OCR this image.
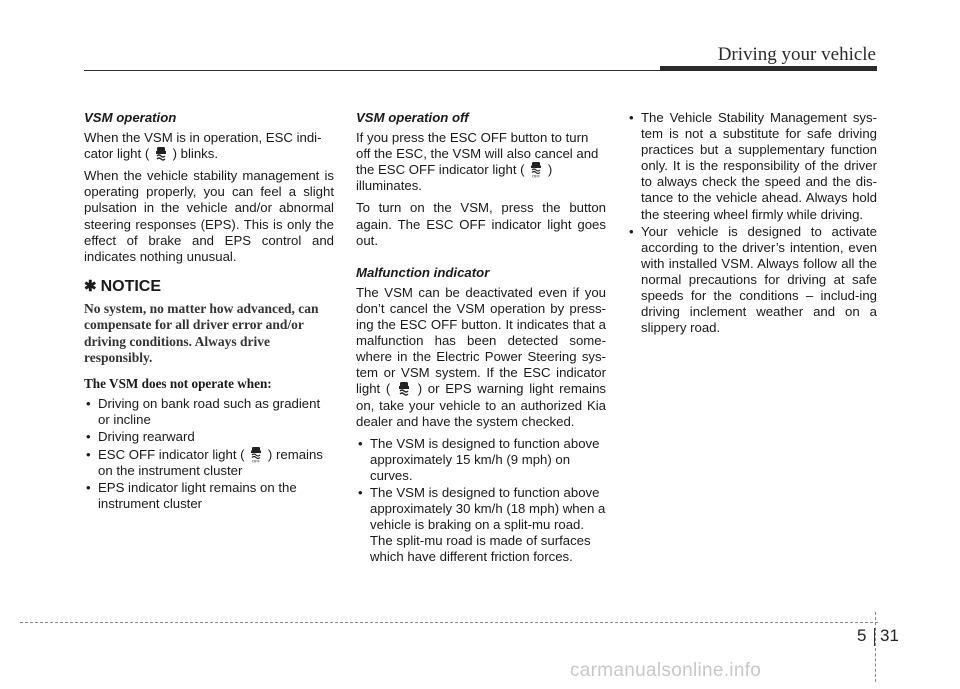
Driving your vehicle
VSM operation

When the VSM is in operation, ESC indi-cator light ( ) blinks.

When the vehicle stability management is operating properly, you can feel a slight pulsation in the vehicle and/or abnormal steering responses (EPS). This is only the effect of brake and EPS control and indicates nothing unusual.

✱ NOTICE

No system, no matter how advanced, can compensate for all driver error and/or driving conditions. Always drive responsibly.

The VSM does not operate when:
• Driving on bank road such as gradient or incline
• Driving rearward
• ESC OFF indicator light ( OFF ) remains on the instrument cluster
• EPS indicator light remains on the instrument cluster
VSM operation off

If you press the ESC OFF button to turn off the ESC, the VSM will also cancel and the ESC OFF indicator light ( OFF ) illuminates.

To turn on the VSM, press the button again. The ESC OFF indicator light goes out.

Malfunction indicator

The VSM can be deactivated even if you don’t cancel the VSM operation by press-ing the ESC OFF button. It indicates that a malfunction has been detected some-where in the Electric Power Steering sys-tem or VSM system. If the ESC indicator light ( ) or EPS warning light remains on, take your vehicle to an authorized Kia dealer and have the system checked.

• The VSM is designed to function above approximately 15 km/h (9 mph) on curves.
• The VSM is designed to function above approximately 30 km/h (18 mph) when a vehicle is braking on a split-mu road. The split-mu road is made of surfaces which have different friction forces.
• The Vehicle Stability Management sys-tem is not a substitute for safe driving practices but a supplementary function only. It is the responsibility of the driver to always check the speed and the dis-tance to the vehicle ahead. Always hold the steering wheel firmly while driving.
• Your vehicle is designed to activate according to the driver’s intention, even with installed VSM. Always follow all the normal precautions for driving at safe speeds for the conditions – includ-ing driving inclement weather and on a slippery road.
5 31
carmanualsonline.info
